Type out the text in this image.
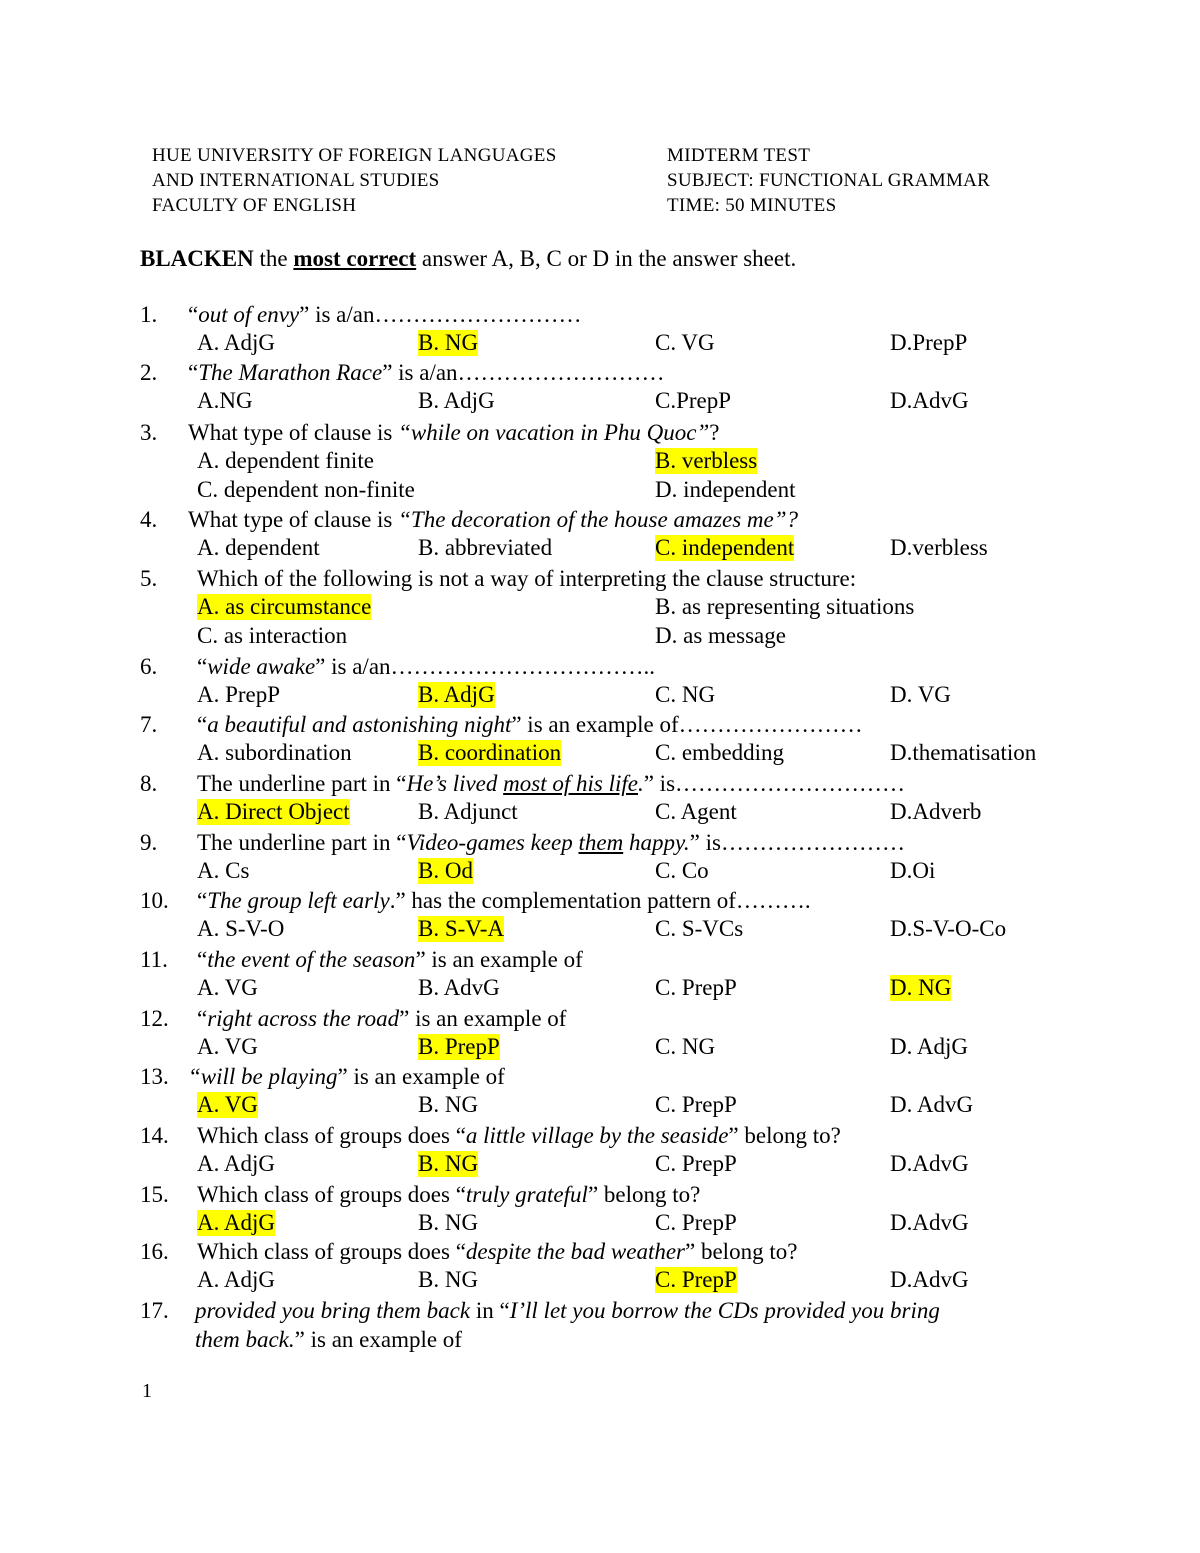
HUE UNIVERSITY OF FOREIGN LANGUAGES
AND INTERNATIONAL STUDIES
FACULTY OF ENGLISH
MIDTERM TEST
SUBJECT: FUNCTIONAL GRAMMAR
TIME: 50 MINUTES
BLACKEN the most correct answer A, B, C or D in the answer sheet.
1. “out of envy” is a/an………………………
A. AdjG	B. NG	C. VG	D.PrepP
2. “The Marathon Race” is a/an………………………
A.NG	B. AdjG	C.PrepP	D.AdvG
3. What type of clause is “while on vacation in Phu Quoc”?
A. dependent finite	B. verbless
C. dependent non-finite	D. independent
4. What type of clause is “The decoration of the house amazes me”?
A. dependent	B. abbreviated	C. independent	D.verbless
5. Which of the following is not a way of interpreting the clause structure:
A. as circumstance	B. as representing situations
C. as interaction	D. as message
6. “wide awake” is a/an……………………………..
A. PrepP	B. AdjG	C. NG	D. VG
7. “a beautiful and astonishing night” is an example of……………………
A. subordination	B. coordination	C. embedding	D.thematisation
8. The underline part in “He’s lived most of his life.” is…………………………
A. Direct Object	B. Adjunct	C. Agent	D.Adverb
9. The underline part in “Video-games keep them happy.” is……………………
A. Cs	B. Od	C. Co	D.Oi
10. “The group left early.” has the complementation pattern of……….
A. S-V-O	B. S-V-A	C. S-VCs	D.S-V-O-Co
11. “the event of the season” is an example of
A. VG	B. AdvG	C. PrepP	D. NG
12. “right across the road” is an example of
A. VG	B. PrepP	C. NG	D. AdjG
13. “will be playing” is an example of
A. VG	B. NG	C. PrepP	D. AdvG
14. Which class of groups does “a little village by the seaside” belong to?
A. AdjG	B. NG	C. PrepP	D.AdvG
15. Which class of groups does “truly grateful” belong to?
A. AdjG	B. NG	C. PrepP	D.AdvG
16. Which class of groups does “despite the bad weather” belong to?
A. AdjG	B. NG	C. PrepP	D.AdvG
17. provided you bring them back in “I’ll let you borrow the CDs provided you bring
them back.” is an example of
1
